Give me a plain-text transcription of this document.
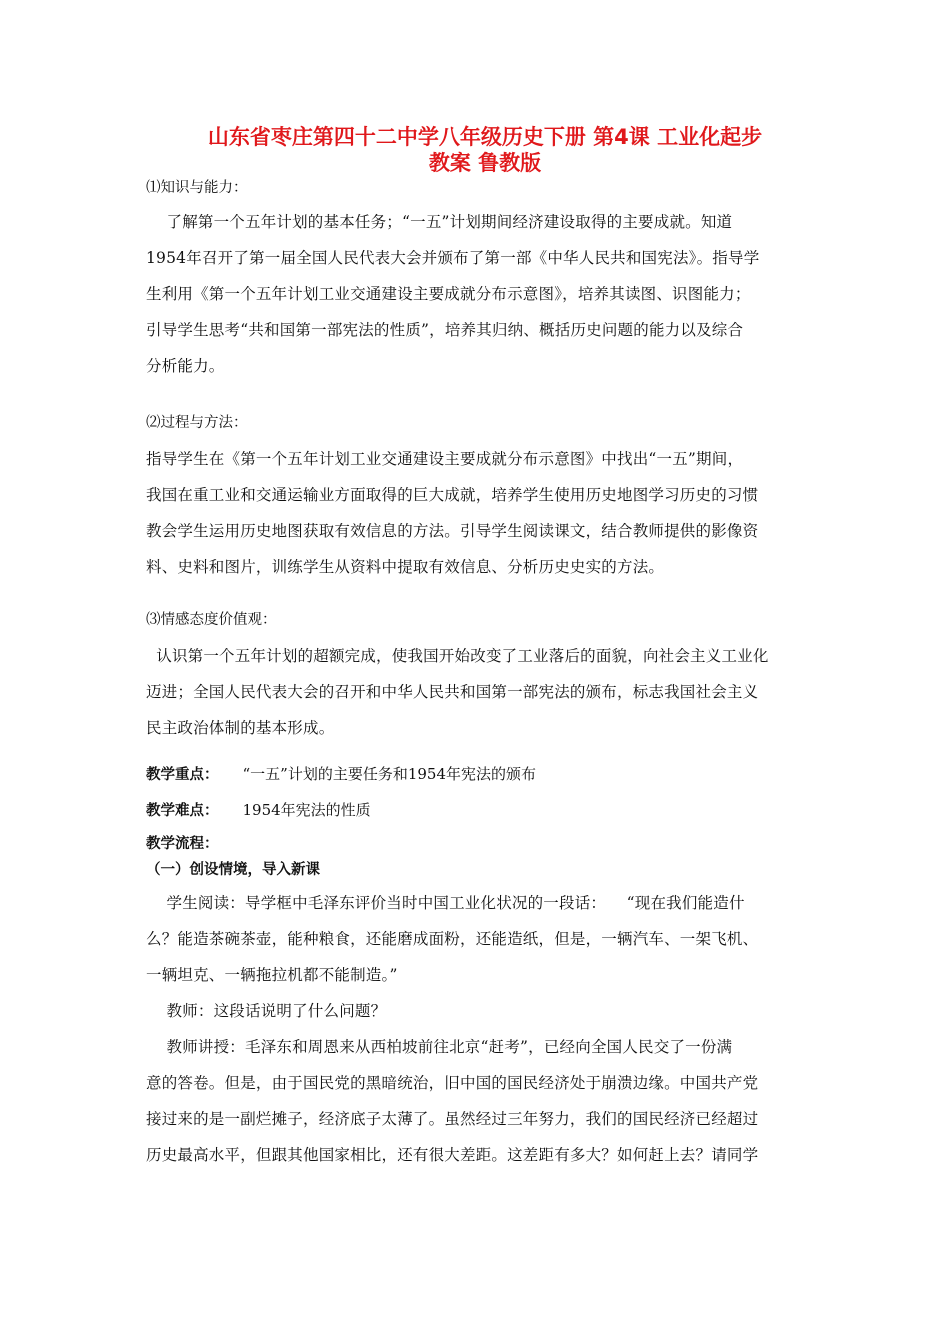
山东省枣庄第四十二中学八年级历史下册 第4课 工业化起步
教案 鲁教版
⑴知识与能力：

了解第一个五年计划的基本任务；“一五”计划期间经济建设取得的主要成就。知道

1954年召开了第一届全国人民代表大会并颁布了第一部《中华人民共和国宪法》。指导学

生利用《第一个五年计划工业交通建设主要成就分布示意图》，培养其读图、识图能力；

引导学生思考“共和国第一部宪法的性质”，培养其归纳、概括历史问题的能力以及综合

分析能力。

⑵过程与方法：

指导学生在《第一个五年计划工业交通建设主要成就分布示意图》中找出“一五”期间，

我国在重工业和交通运输业方面取得的巨大成就，培养学生使用历史地图学习历史的习惯

教会学生运用历史地图获取有效信息的方法。引导学生阅读课文，结合教师提供的影像资

料、史料和图片，训练学生从资料中提取有效信息、分析历史史实的方法。

⑶情感态度价值观：

认识第一个五年计划的超额完成，使我国开始改变了工业落后的面貌，向社会主义工业化

迈进；全国人民代表大会的召开和中华人民共和国第一部宪法的颁布，标志我国社会主义

民主政治体制的基本形成。

教学重点： “一五”计划的主要任务和1954年宪法的颁布
教学难点： 1954年宪法的性质
教学流程：
（一）创设情境，导入新课

学生阅读：导学框中毛泽东评价当时中国工业化状况的一段话：    “现在我们能造什

么？能造茶碗茶壶，能种粮食，还能磨成面粉，还能造纸，但是，一辆汽车、一架飞机、

一辆坦克、一辆拖拉机都不能制造。”

教师：这段话说明了什么问题？

教师讲授：毛泽东和周恩来从西柏坡前往北京“赶考”，已经向全国人民交了一份满

意的答卷。但是，由于国民党的黑暗统治，旧中国的国民经济处于崩溃边缘。中国共产党

接过来的是一副烂摊子，经济底子太薄了。虽然经过三年努力，我们的国民经济已经超过

历史最高水平，但跟其他国家相比，还有很大差距。这差距有多大？如何赶上去？请同学
